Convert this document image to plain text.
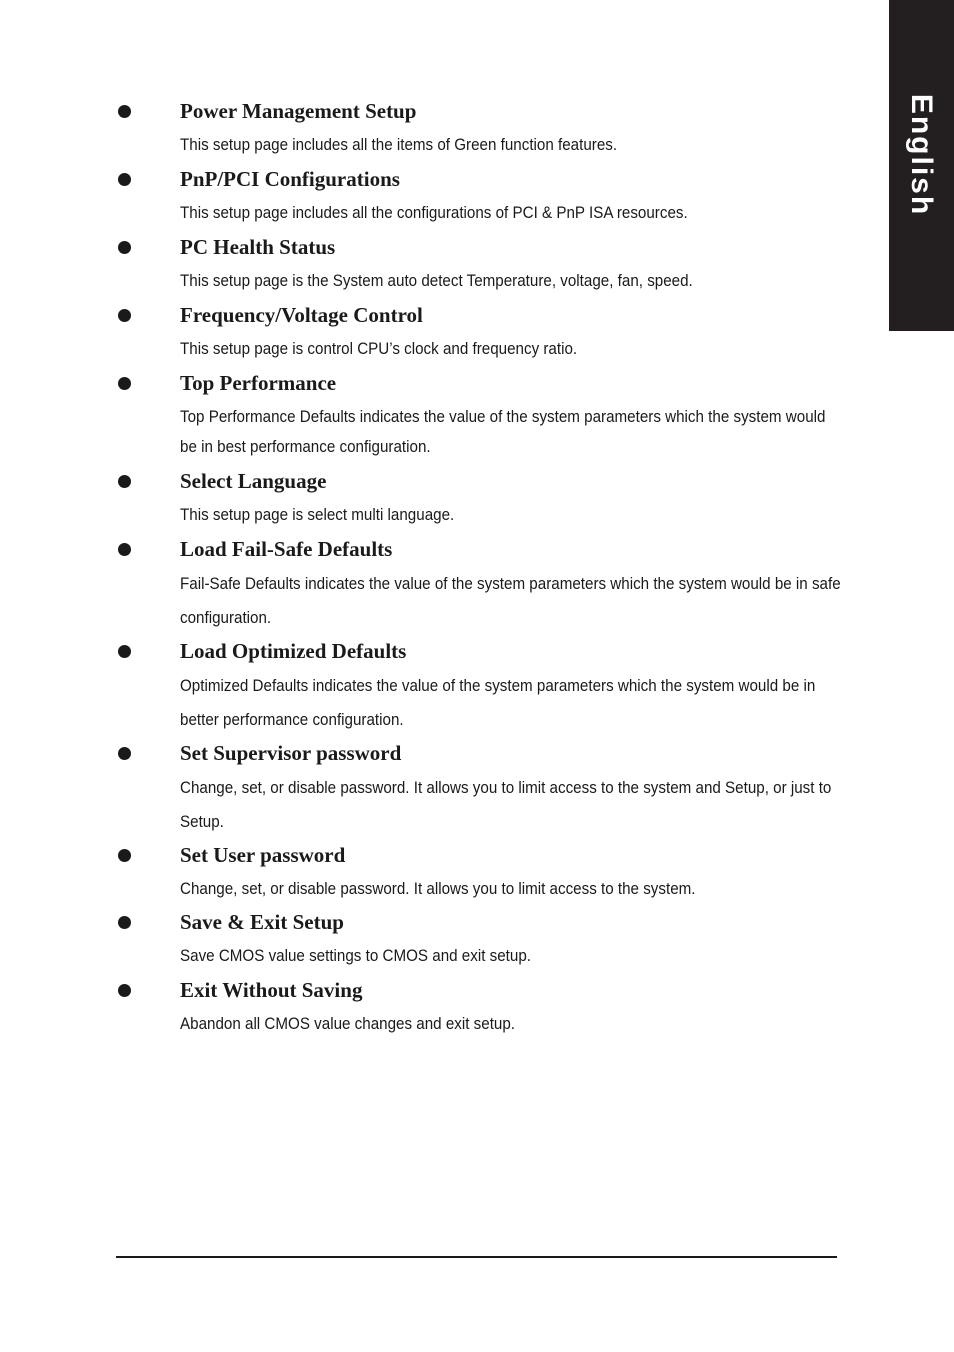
English
Power Management Setup
This setup page includes all the items of Green function features.
PnP/PCI Configurations
This setup page includes all the configurations of PCI & PnP ISA resources.
PC Health Status
This setup page is the System auto detect Temperature, voltage, fan, speed.
Frequency/Voltage Control
This setup page is control CPU’s clock and frequency ratio.
Top Performance
Top Performance Defaults indicates the value of the system parameters which the system would be in best performance configuration.
Select Language
This setup page is select multi language.
Load Fail-Safe Defaults
Fail-Safe Defaults indicates the value of the system parameters which the system would be in safe configuration.
Load Optimized Defaults
Optimized Defaults indicates the value of the system parameters which the system would be in better performance configuration.
Set Supervisor password
Change, set, or disable password. It allows you to limit access to the system and Setup, or just to Setup.
Set User password
Change, set, or disable password. It allows you to limit access to the system.
Save & Exit Setup
Save CMOS value settings to CMOS and exit setup.
Exit Without Saving
Abandon all CMOS value changes and exit setup.
